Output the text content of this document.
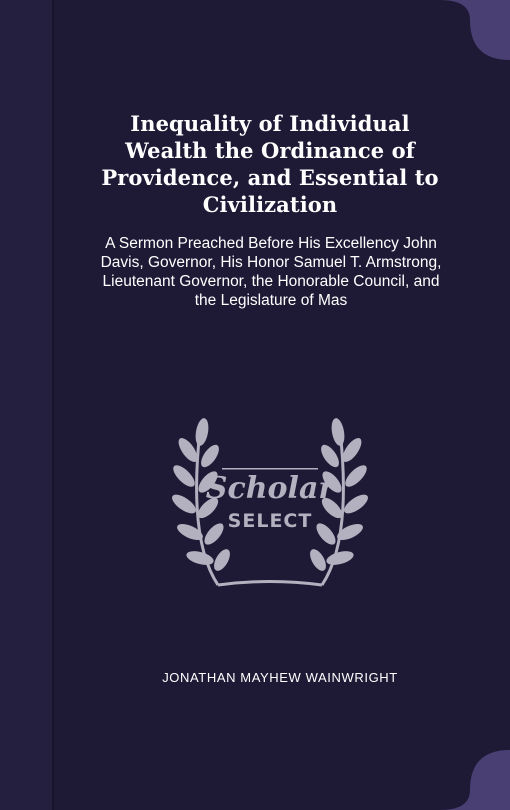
Inequality of Individual Wealth the Ordinance of Providence, and Essential to Civilization

A Sermon Preached Before His Excellency John Davis, Governor, His Honor Samuel T. Armstrong, Lieutenant Governor, the Honorable Council, and the Legislature of Mas

Scholar
SELECT

JONATHAN MAYHEW WAINWRIGHT
